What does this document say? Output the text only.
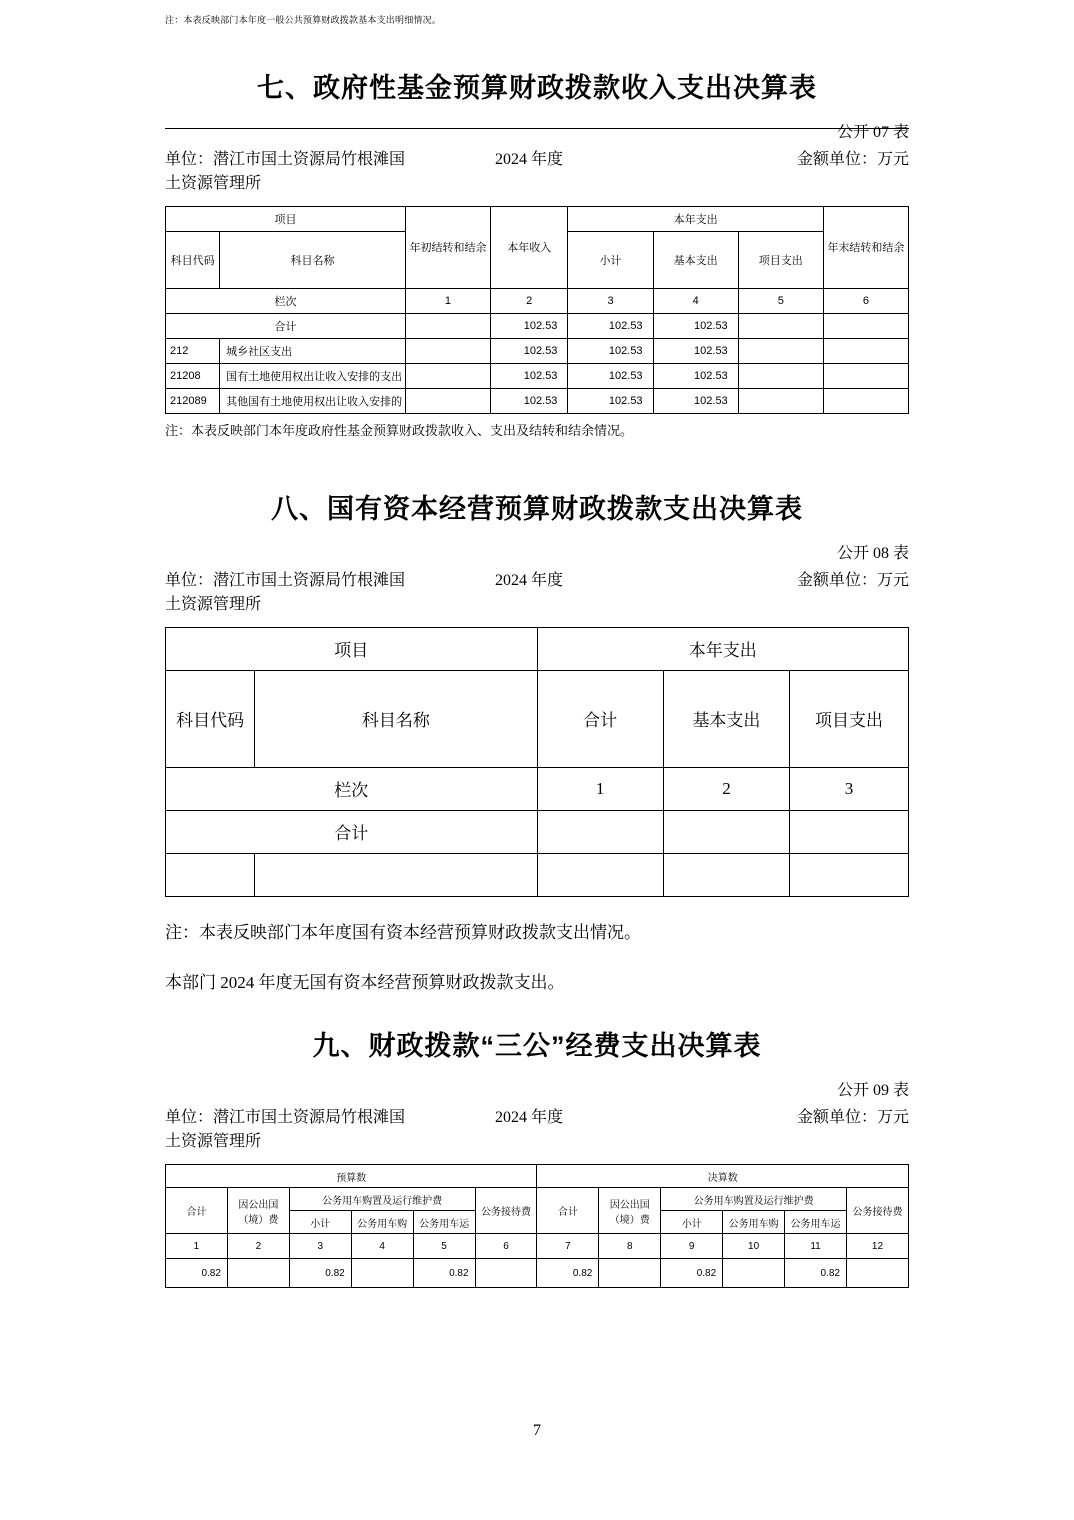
注：本表反映部门本年度一般公共预算财政拨款基本支出明细情况。
七、政府性基金预算财政拨款收入支出决算表
公开 07 表
单位：潜江市国土资源局竹根滩国	2024 年度	金额单位：万元
土资源管理所
项目		年初结转和结余	本年收入	本年支出			年末结转和结余
科目代码	科目名称			小计	基本支出	项目支出	
栏次		1	2	3	4	5	6
合计			102.53	102.53	102.53		
212	城乡社区支出		102.53	102.53	102.53		
21208	国有土地使用权出让收入安排的支出		102.53	102.53	102.53		
212089	其他国有土地使用权出让收入安排的		102.53	102.53	102.53		
注：本表反映部门本年度政府性基金预算财政拨款收入、支出及结转和结余情况。
八、国有资本经营预算财政拨款支出决算表
公开 08 表
单位：潜江市国土资源局竹根滩国	2024 年度	金额单位：万元
土资源管理所
项目		本年支出		
科目代码	科目名称	合计	基本支出	项目支出
栏次		1	2	3
合计				

注：本表反映部门本年度国有资本经营预算财政拨款支出情况。
本部门 2024 年度无国有资本经营预算财政拨款支出。
九、财政拨款“三公”经费支出决算表
公开 09 表
单位：潜江市国土资源局竹根滩国	2024 年度	金额单位：万元
土资源管理所
预算数						决算数					
合计	因公出国（境）费	公务用车购置及运行维护费			公务接待费	合计	因公出国（境）费	公务用车购置及运行维护费			公务接待费
		小计	公务用车购	公务用车运				小计	公务用车购	公务用车运	
1	2	3	4	5	6	7	8	9	10	11	12
0.82		0.82		0.82		0.82		0.82		0.82	
7
